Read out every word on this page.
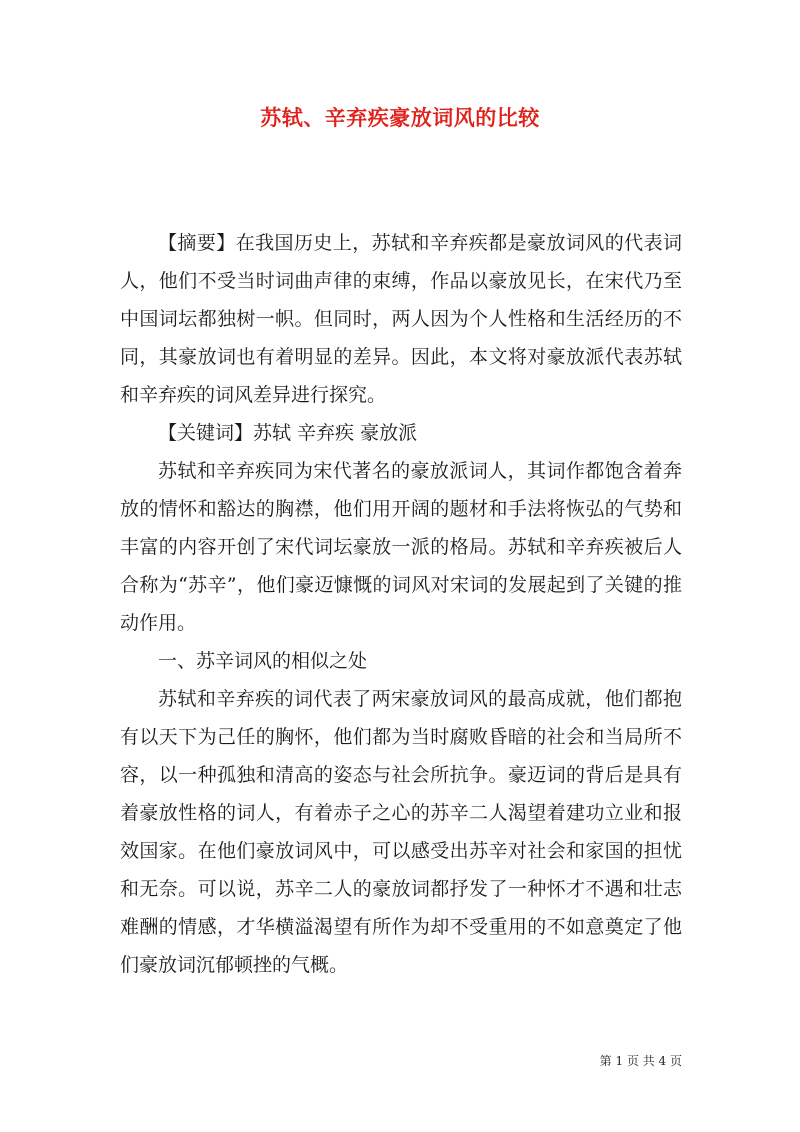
苏轼、辛弃疾豪放词风的比较

【摘要】在我国历史上，苏轼和辛弃疾都是豪放词风的代表词人，他们不受当时词曲声律的束缚，作品以豪放见长，在宋代乃至中国词坛都独树一帜。但同时，两人因为个人性格和生活经历的不同，其豪放词也有着明显的差异。因此，本文将对豪放派代表苏轼和辛弃疾的词风差异进行探究。

【关键词】苏轼 辛弃疾 豪放派

苏轼和辛弃疾同为宋代著名的豪放派词人，其词作都饱含着奔放的情怀和豁达的胸襟，他们用开阔的题材和手法将恢弘的气势和丰富的内容开创了宋代词坛豪放一派的格局。苏轼和辛弃疾被后人合称为“苏辛”，他们豪迈慷慨的词风对宋词的发展起到了关键的推动作用。

一、苏辛词风的相似之处

苏轼和辛弃疾的词代表了两宋豪放词风的最高成就，他们都抱有以天下为己任的胸怀，他们都为当时腐败昏暗的社会和当局所不容，以一种孤独和清高的姿态与社会所抗争。豪迈词的背后是具有着豪放性格的词人，有着赤子之心的苏辛二人渴望着建功立业和报效国家。在他们豪放词风中，可以感受出苏辛对社会和家国的担忧和无奈。可以说，苏辛二人的豪放词都抒发了一种怀才不遇和壮志难酬的情感，才华横溢渴望有所作为却不受重用的不如意奠定了他们豪放词沉郁顿挫的气概。

第 1 页 共 4 页
